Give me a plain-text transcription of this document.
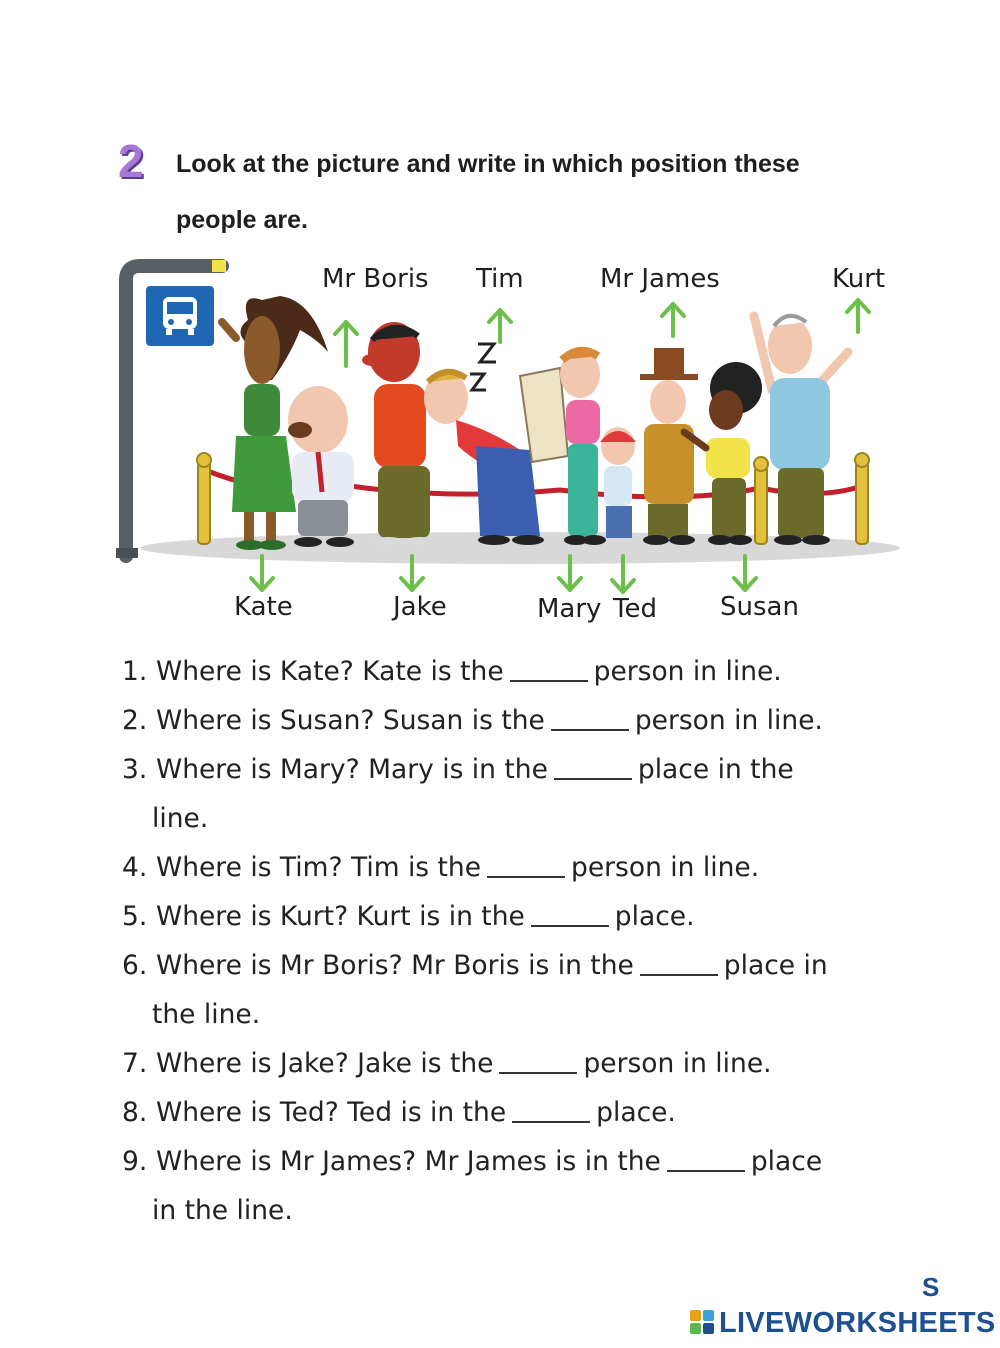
2 Look at the picture and write in which position these
people are.
Mr Boris Tim	Mr James	Kurt
Kate	Jake	Mary Ted Susan
1. Where is Kate? Kate is the	person in line.
2. Where is Susan? Susan is the	person in line.
3. Where is Mary? Mary is in the	place in the
line.
4. Where is Tim? Tim is the	person in line.
5. Where is Kurt? Kurt is in the	place.
6. Where is Mr Boris? Mr Boris is in the	place in
the line.
7. Where is Jake? Jake is the	person in line.
8. Where is Ted? Ted is in the	place.
9. Where is Mr James? Mr James is in the	place
in the line.
S
LIVEWORKSHEETS
